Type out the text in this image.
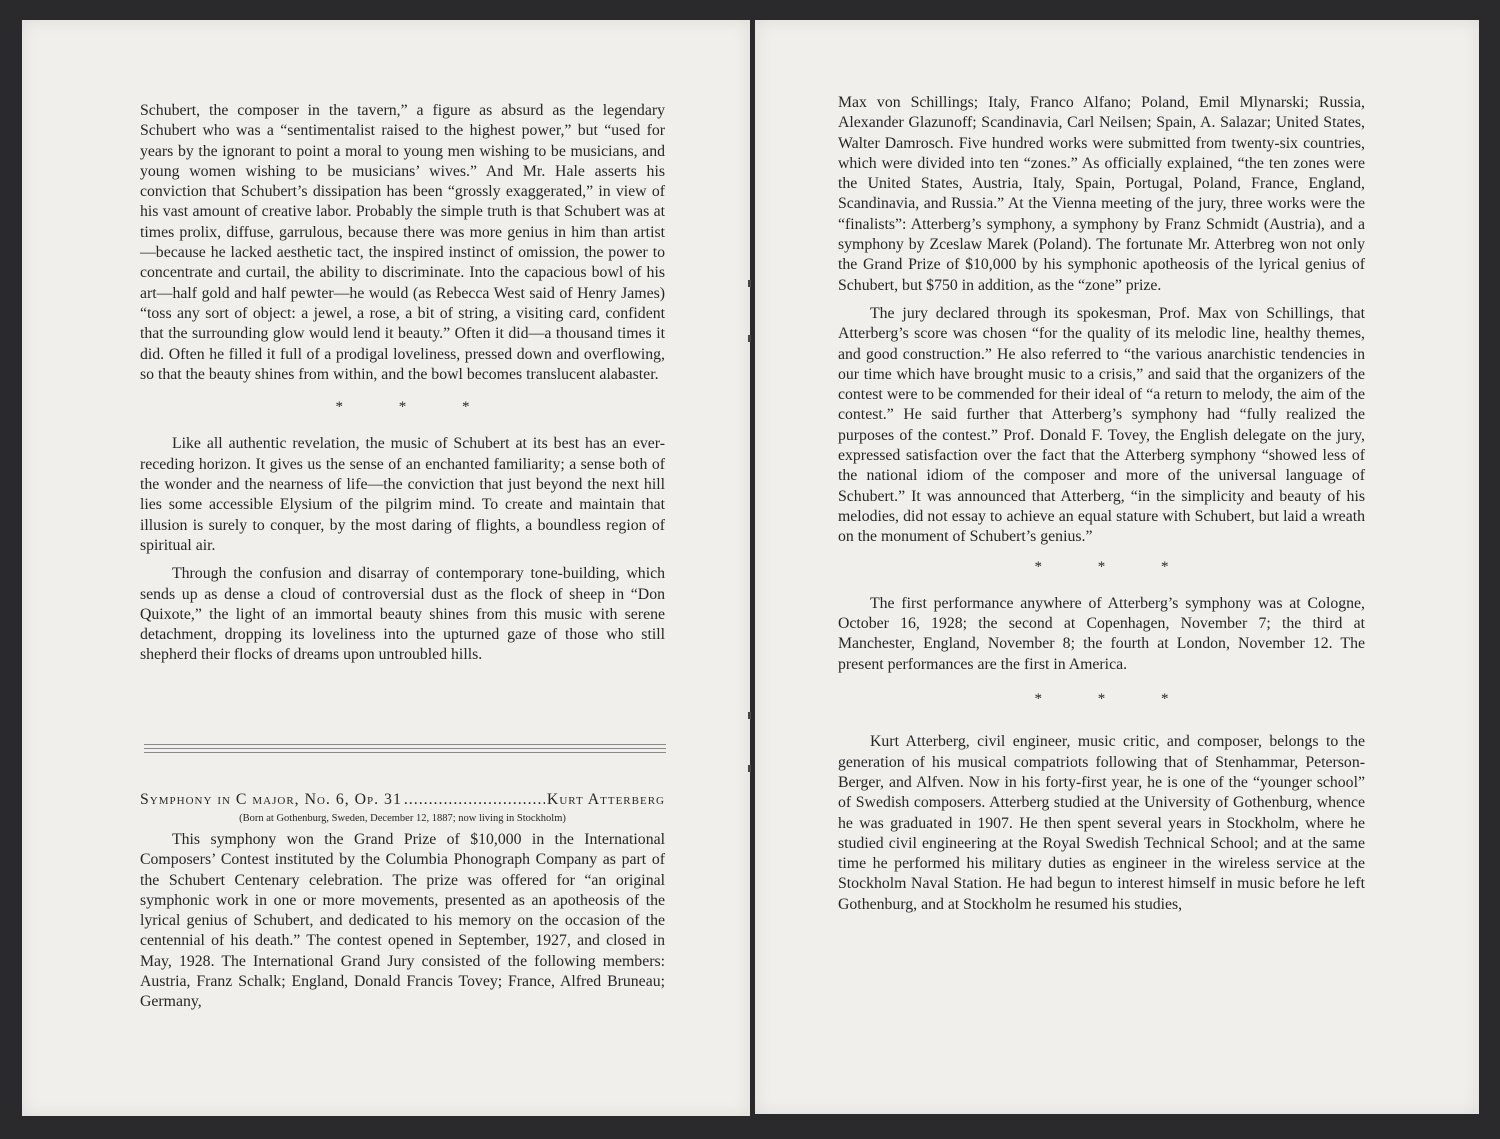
Schubert, the composer in the tavern,” a figure as absurd as the legendary Schubert who was a “sentimentalist raised to the highest power,” but “used for years by the ignorant to point a moral to young men wishing to be musicians, and young women wishing to be musicians’ wives.” And Mr. Hale asserts his conviction that Schubert’s dissipation has been “grossly exaggerated,” in view of his vast amount of creative labor. Probably the simple truth is that Schubert was at times prolix, diffuse, garrulous, because there was more genius in him than artist—because he lacked aesthetic tact, the inspired instinct of omission, the power to concentrate and curtail, the ability to discriminate. Into the capacious bowl of his art—half gold and half pewter—he would (as Rebecca West said of Henry James) “toss any sort of object: a jewel, a rose, a bit of string, a visiting card, confident that the surrounding glow would lend it beauty.” Often it did—a thousand times it did. Often he filled it full of a prodigal loveliness, pressed down and overflowing, so that the beauty shines from within, and the bowl becomes translucent alabaster.

* * *

Like all authentic revelation, the music of Schubert at its best has an ever-receding horizon. It gives us the sense of an enchanted familiarity; a sense both of the wonder and the nearness of life—the conviction that just beyond the next hill lies some accessible Elysium of the pilgrim mind. To create and maintain that illusion is surely to conquer, by the most daring of flights, a boundless region of spiritual air.

Through the confusion and disarray of contemporary tone-building, which sends up as dense a cloud of controversial dust as the flock of sheep in “Don Quixote,” the light of an immortal beauty shines from this music with serene detachment, dropping its loveliness into the upturned gaze of those who still shepherd their flocks of dreams upon untroubled hills.

Symphony in C major, No. 6, Op. 31
.....	Kurt Atterberg
(Born at Gothenburg, Sweden, December 12, 1887; now living in Stockholm)

This symphony won the Grand Prize of $10,000 in the International Composers’ Contest instituted by the Columbia Phonograph Company as part of the Schubert Centenary celebration. The prize was offered for “an original symphonic work in one or more movements, presented as an apotheosis of the lyrical genius of Schubert, and dedicated to his memory on the occasion of the centennial of his death.” The contest opened in September, 1927, and closed in May, 1928. The International Grand Jury consisted of the following members: Austria, Franz Schalk; England, Donald Francis Tovey; France, Alfred Bruneau; Germany,

Max von Schillings; Italy, Franco Alfano; Poland, Emil Mlynarski; Russia, Alexander Glazunoff; Scandinavia, Carl Neilsen; Spain, A. Salazar; United States, Walter Damrosch. Five hundred works were submitted from twenty-six countries, which were divided into ten “zones.” As officially explained, “the ten zones were the United States, Austria, Italy, Spain, Portugal, Poland, France, England, Scandinavia, and Russia.” At the Vienna meeting of the jury, three works were the “finalists”: Atterberg’s symphony, a symphony by Franz Schmidt (Austria), and a symphony by Zceslaw Marek (Poland). The fortunate Mr. Atterbreg won not only the Grand Prize of $10,000 by his symphonic apotheosis of the lyrical genius of Schubert, but $750 in addition, as the “zone” prize.

The jury declared through its spokesman, Prof. Max von Schillings, that Atterberg’s score was chosen “for the quality of its melodic line, healthy themes, and good construction.” He also referred to “the various anarchistic tendencies in our time which have brought music to a crisis,” and said that the organizers of the contest were to be commended for their ideal of “a return to melody, the aim of the contest.” He said further that Atterberg’s symphony had “fully realized the purposes of the contest.” Prof. Donald F. Tovey, the English delegate on the jury, expressed satisfaction over the fact that the Atterberg symphony “showed less of the national idiom of the composer and more of the universal language of Schubert.” It was announced that Atterberg, “in the simplicity and beauty of his melodies, did not essay to achieve an equal stature with Schubert, but laid a wreath on the monument of Schubert’s genius.”

* * *

The first performance anywhere of Atterberg’s symphony was at Cologne, October 16, 1928; the second at Copenhagen, November 7; the third at Manchester, England, November 8; the fourth at London, November 12. The present performances are the first in America.

* * *

Kurt Atterberg, civil engineer, music critic, and composer, belongs to the generation of his musical compatriots following that of Stenhammar, Peterson-Berger, and Alfven. Now in his forty-first year, he is one of the “younger school” of Swedish composers. Atterberg studied at the University of Gothenburg, whence he was graduated in 1907. He then spent several years in Stockholm, where he studied civil engineering at the Royal Swedish Technical School; and at the same time he performed his military duties as engineer in the wireless service at the Stockholm Naval Station. He had begun to interest himself in music before he left Gothenburg, and at Stockholm he resumed his studies,
